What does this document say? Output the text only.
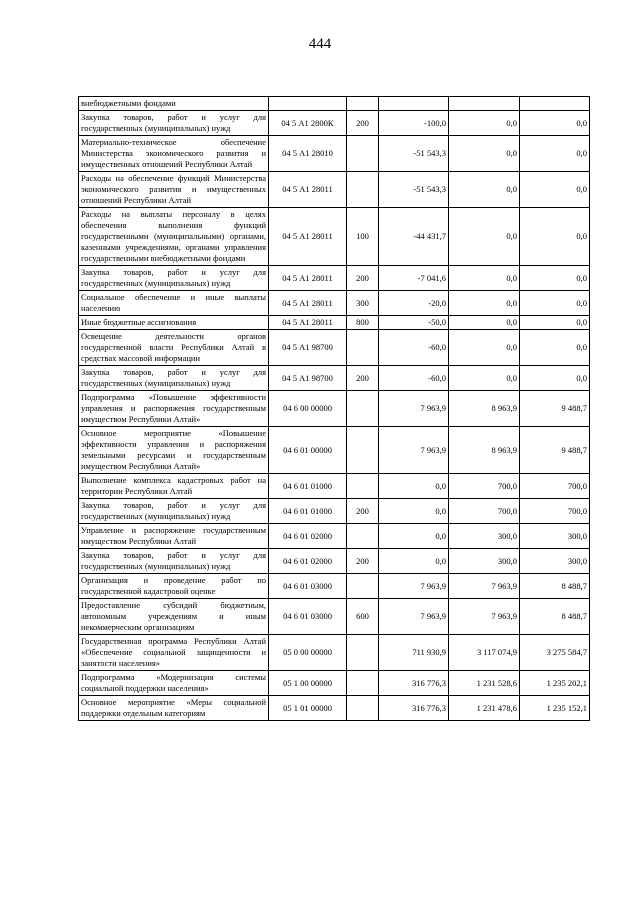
444
внебюджетными фондами					
Закупка товаров, работ и услуг для государственных (муниципальных) нужд	04 5 А1 2800К	200	-100,0	0,0	0,0
Материально-техническое обеспечение Министерства экономического развития и имущественных отношений Республики Алтай	04 5 А1 28010		-51 543,3	0,0	0,0
Расходы на обеспечение функций Министерства экономического развития и имущественных отношений Республики Алтай	04 5 А1 28011		-51 543,3	0,0	0,0
Расходы на выплаты персоналу в целях обеспечения выполнения функций государственными (муниципальными) органами, казенными учреждениями, органами управления государственными внебюджетными фондами	04 5 А1 28011	100	-44 431,7	0,0	0,0
Закупка товаров, работ и услуг для государственных (муниципальных) нужд	04 5 А1 28011	200	-7 041,6	0,0	0,0
Социальное обеспечение и иные выплаты населению	04 5 А1 28011	300	-20,0	0,0	0,0
Иные бюджетные ассигнования	04 5 А1 28011	800	-50,0	0,0	0,0
Освещение деятельности органов государственной власти Республики Алтай в средствах массовой информации	04 5 А1 98700		-60,0	0,0	0,0
Закупка товаров, работ и услуг для государственных (муниципальных) нужд	04 5 А1 98700	200	-60,0	0,0	0,0
Подпрограмма «Повышение эффективности управления и распоряжения государственным имуществом Республики Алтай»	04 6 00 00000		7 963,9	8 963,9	9 488,7
Основное мероприятие «Повышение эффективности управления и распоряжения земельными ресурсами и государственным имуществом Республики Алтай»	04 6 01 00000		7 963,9	8 963,9	9 488,7
Выполнение комплекса кадастровых работ на территории Республики Алтай	04 6 01 01000		0,0	700,0	700,0
Закупка товаров, работ и услуг для государственных (муниципальных) нужд	04 6 01 01000	200	0,0	700,0	700,0
Управление и распоряжение государственным имуществом Республики Алтай	04 6 01 02000		0,0	300,0	300,0
Закупка товаров, работ и услуг для государственных (муниципальных) нужд	04 6 01 02000	200	0,0	300,0	300,0
Организация и проведение работ по государственной кадастровой оценке	04 6 01 03000		7 963,9	7 963,9	8 488,7
Предоставление субсидий бюджетным, автономным учреждениям и иным некоммерческим организациям	04 6 01 03000	600	7 963,9	7 963,9	8 488,7
Государственная программа Республики Алтай «Обеспечение социальной защищенности и занятости населения»	05 0 00 00000		711 930,9	3 117 074,9	3 275 584,7
Подпрограмма «Модернизация системы социальной поддержки населения»	05 1 00 00000		316 776,3	1 231 528,6	1 235 202,1
Основное мероприятие «Меры социальной поддержки отдельным категориям	05 1 01 00000		316 776,3	1 231 478,6	1 235 152,1
